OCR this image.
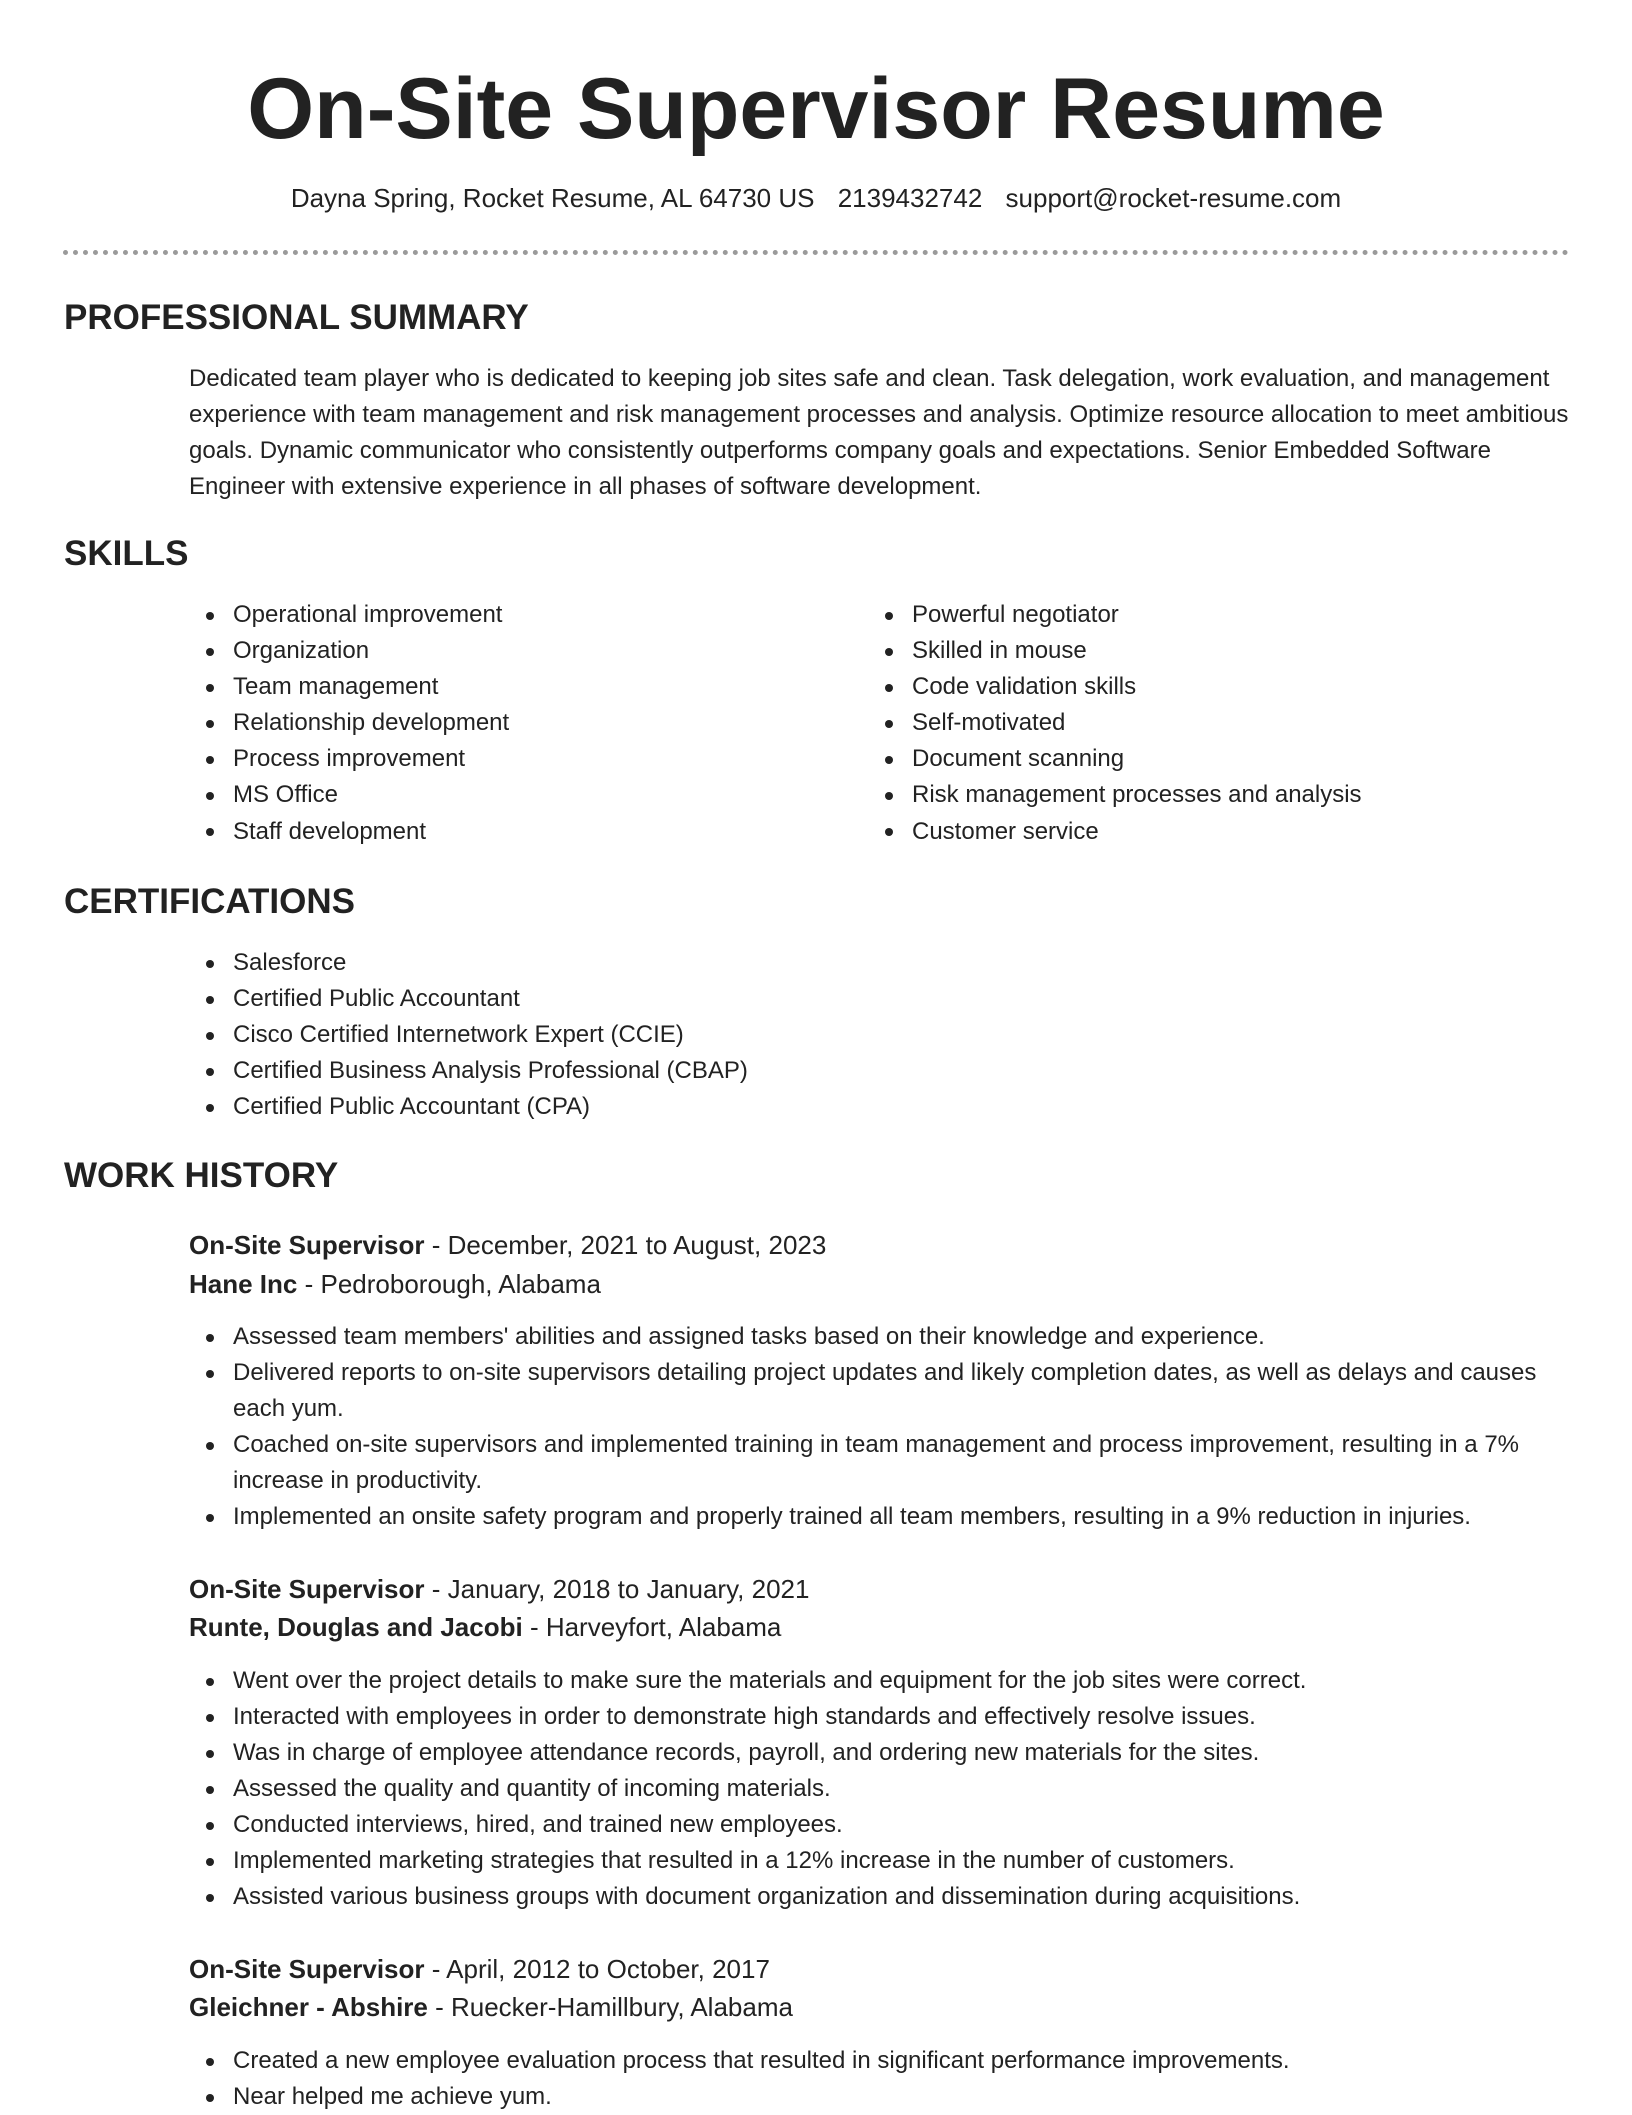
On-Site Supervisor Resume
Dayna Spring, Rocket Resume, AL 64730 US 2139432742 support@rocket-resume.com
PROFESSIONAL SUMMARY
Dedicated team player who is dedicated to keeping job sites safe and clean. Task delegation, work evaluation, and management experience with team management and risk management processes and analysis. Optimize resource allocation to meet ambitious goals. Dynamic communicator who consistently outperforms company goals and expectations. Senior Embedded Software Engineer with extensive experience in all phases of software development.
SKILLS
Operational improvement
Organization
Team management
Relationship development
Process improvement
MS Office
Staff development
Powerful negotiator
Skilled in mouse
Code validation skills
Self-motivated
Document scanning
Risk management processes and analysis
Customer service
CERTIFICATIONS
Salesforce
Certified Public Accountant
Cisco Certified Internetwork Expert (CCIE)
Certified Business Analysis Professional (CBAP)
Certified Public Accountant (CPA)
WORK HISTORY
On-Site Supervisor - December, 2021 to August, 2023
Hane Inc - Pedroborough, Alabama
Assessed team members' abilities and assigned tasks based on their knowledge and experience.
Delivered reports to on-site supervisors detailing project updates and likely completion dates, as well as delays and causes each yum.
Coached on-site supervisors and implemented training in team management and process improvement, resulting in a 7% increase in productivity.
Implemented an onsite safety program and properly trained all team members, resulting in a 9% reduction in injuries.
On-Site Supervisor - January, 2018 to January, 2021
Runte, Douglas and Jacobi - Harveyfort, Alabama
Went over the project details to make sure the materials and equipment for the job sites were correct.
Interacted with employees in order to demonstrate high standards and effectively resolve issues.
Was in charge of employee attendance records, payroll, and ordering new materials for the sites.
Assessed the quality and quantity of incoming materials.
Conducted interviews, hired, and trained new employees.
Implemented marketing strategies that resulted in a 12% increase in the number of customers.
Assisted various business groups with document organization and dissemination during acquisitions.
On-Site Supervisor - April, 2012 to October, 2017
Gleichner - Abshire - Ruecker-Hamillbury, Alabama
Created a new employee evaluation process that resulted in significant performance improvements.
Near helped me achieve yum.
